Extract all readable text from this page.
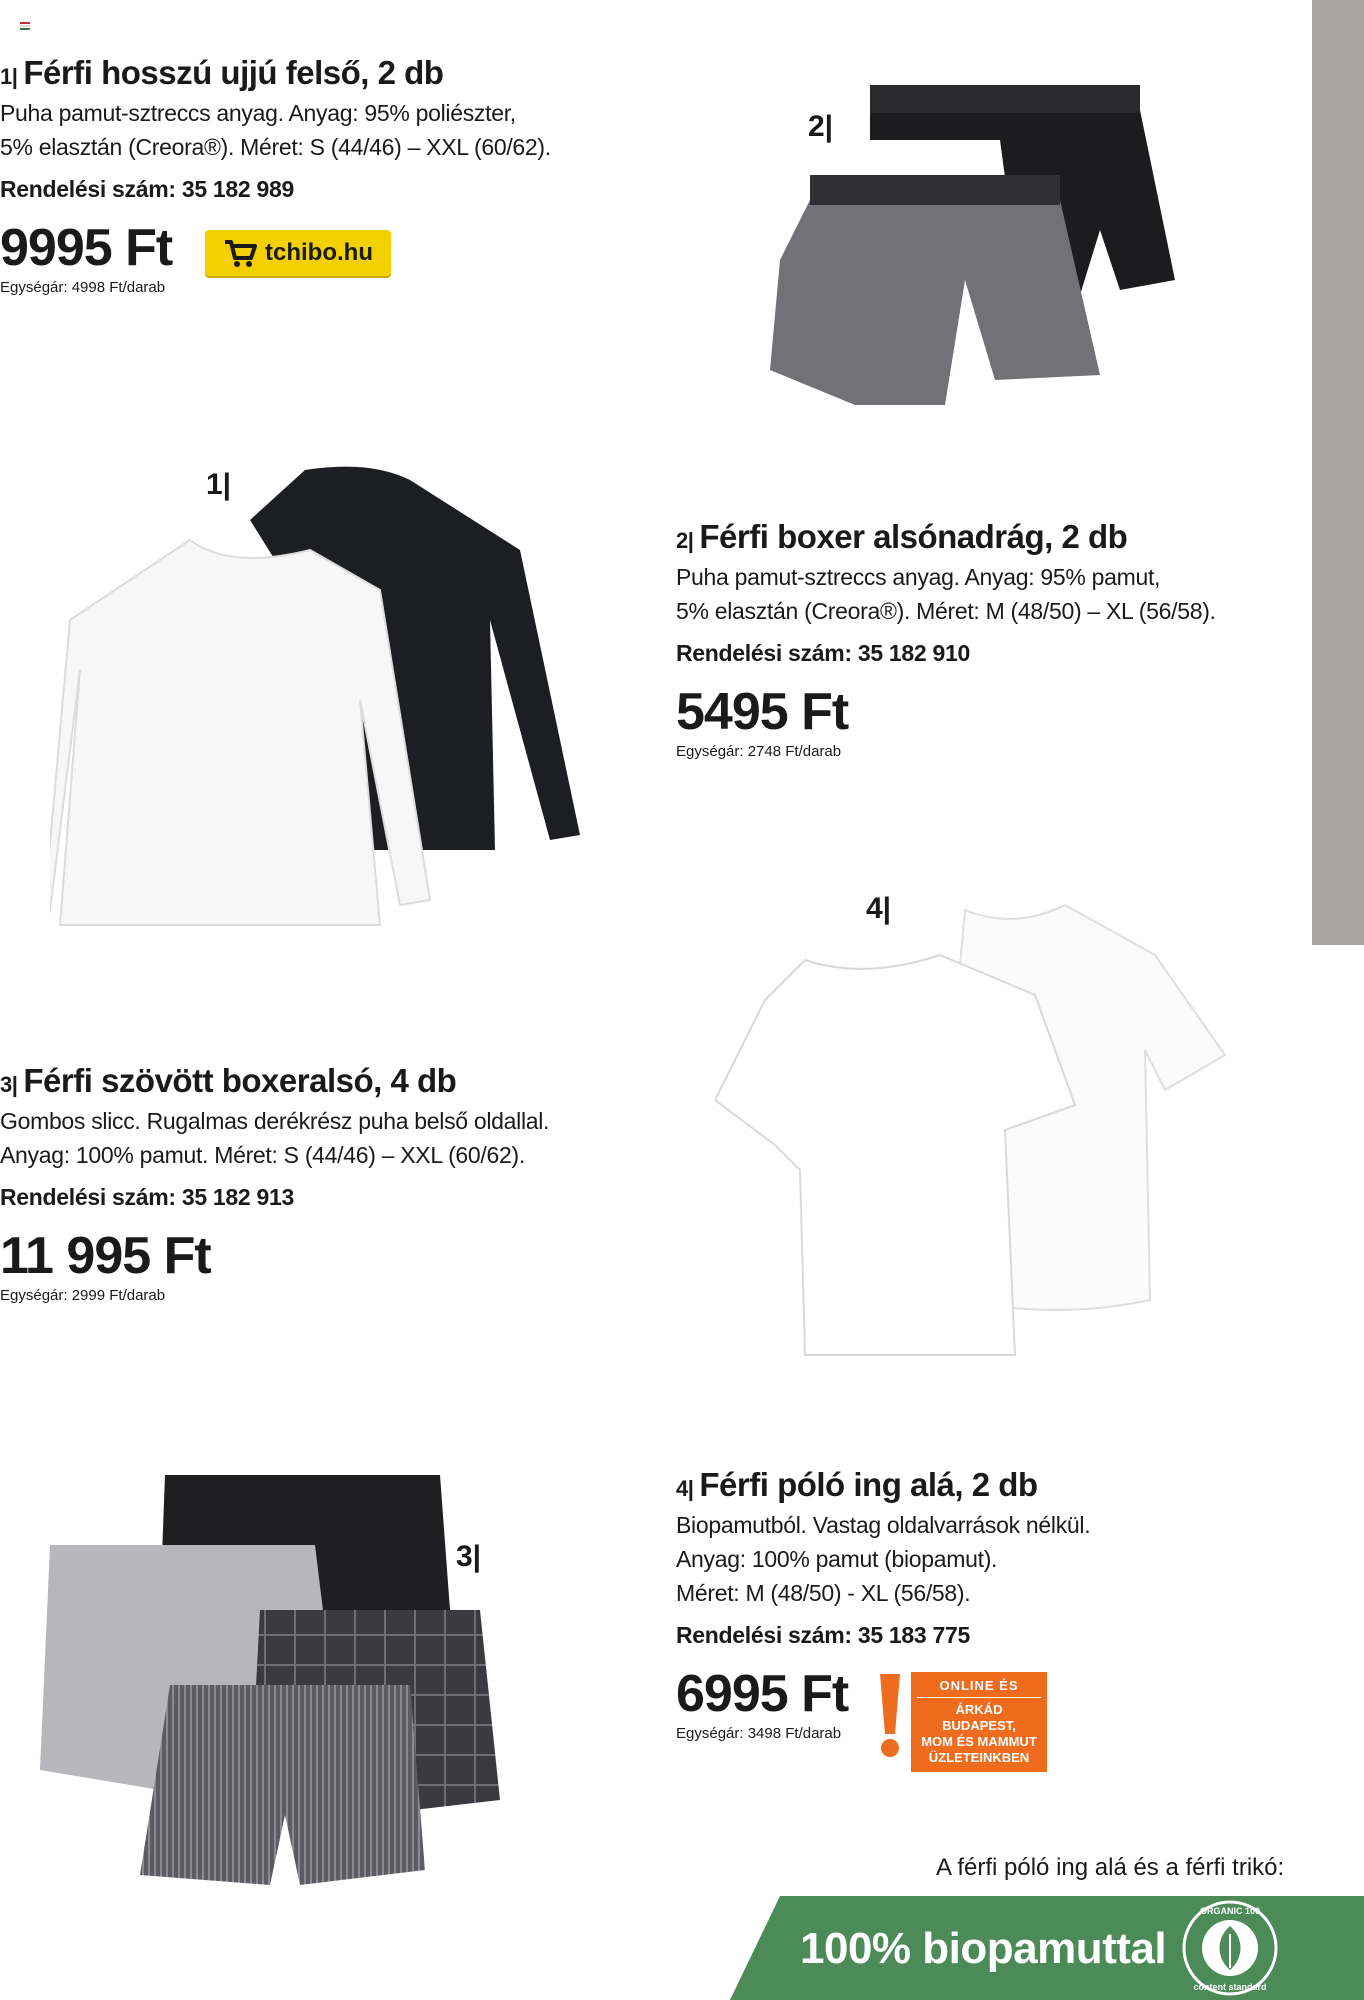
1| Férfi hosszú ujjú felső, 2 db
Puha pamut-sztreccs anyag. Anyag: 95% poliészter,
5% elasztán (Creora®). Méret: S (44/46) – XXL (60/62).
Rendelési szám: 35 182 989
9995 Ft
Egységár: 4998 Ft/darab
tchibo.hu
2|
1|
2| Férfi boxer alsónadrág, 2 db
Puha pamut-sztreccs anyag. Anyag: 95% pamut,
5% elasztán (Creora®). Méret: M (48/50) – XL (56/58).
Rendelési szám: 35 182 910
5495 Ft
Egységár: 2748 Ft/darab
4|
3| Férfi szövött boxeralsó, 4 db
Gombos slicc. Rugalmas derékrész puha belső oldallal.
Anyag: 100% pamut. Méret: S (44/46) – XXL (60/62).
Rendelési szám: 35 182 913
11 995 Ft
Egységár: 2999 Ft/darab
3|
4| Férfi póló ing alá, 2 db
Biopamutból. Vastag oldalvarrások nélkül.
Anyag: 100% pamut (biopamut).
Méret: M (48/50) - XL (56/58).
Rendelési szám: 35 183 775
6995 Ft
Egységár: 3498 Ft/darab
ONLINE ÉS
ÁRKÁD BUDAPEST,
MOM ÉS MAMMUT
ÜZLETEINKBEN
A férfi póló ing alá és a férfi trikó:
100% biopamuttal
ORGANIC 100
content standard
